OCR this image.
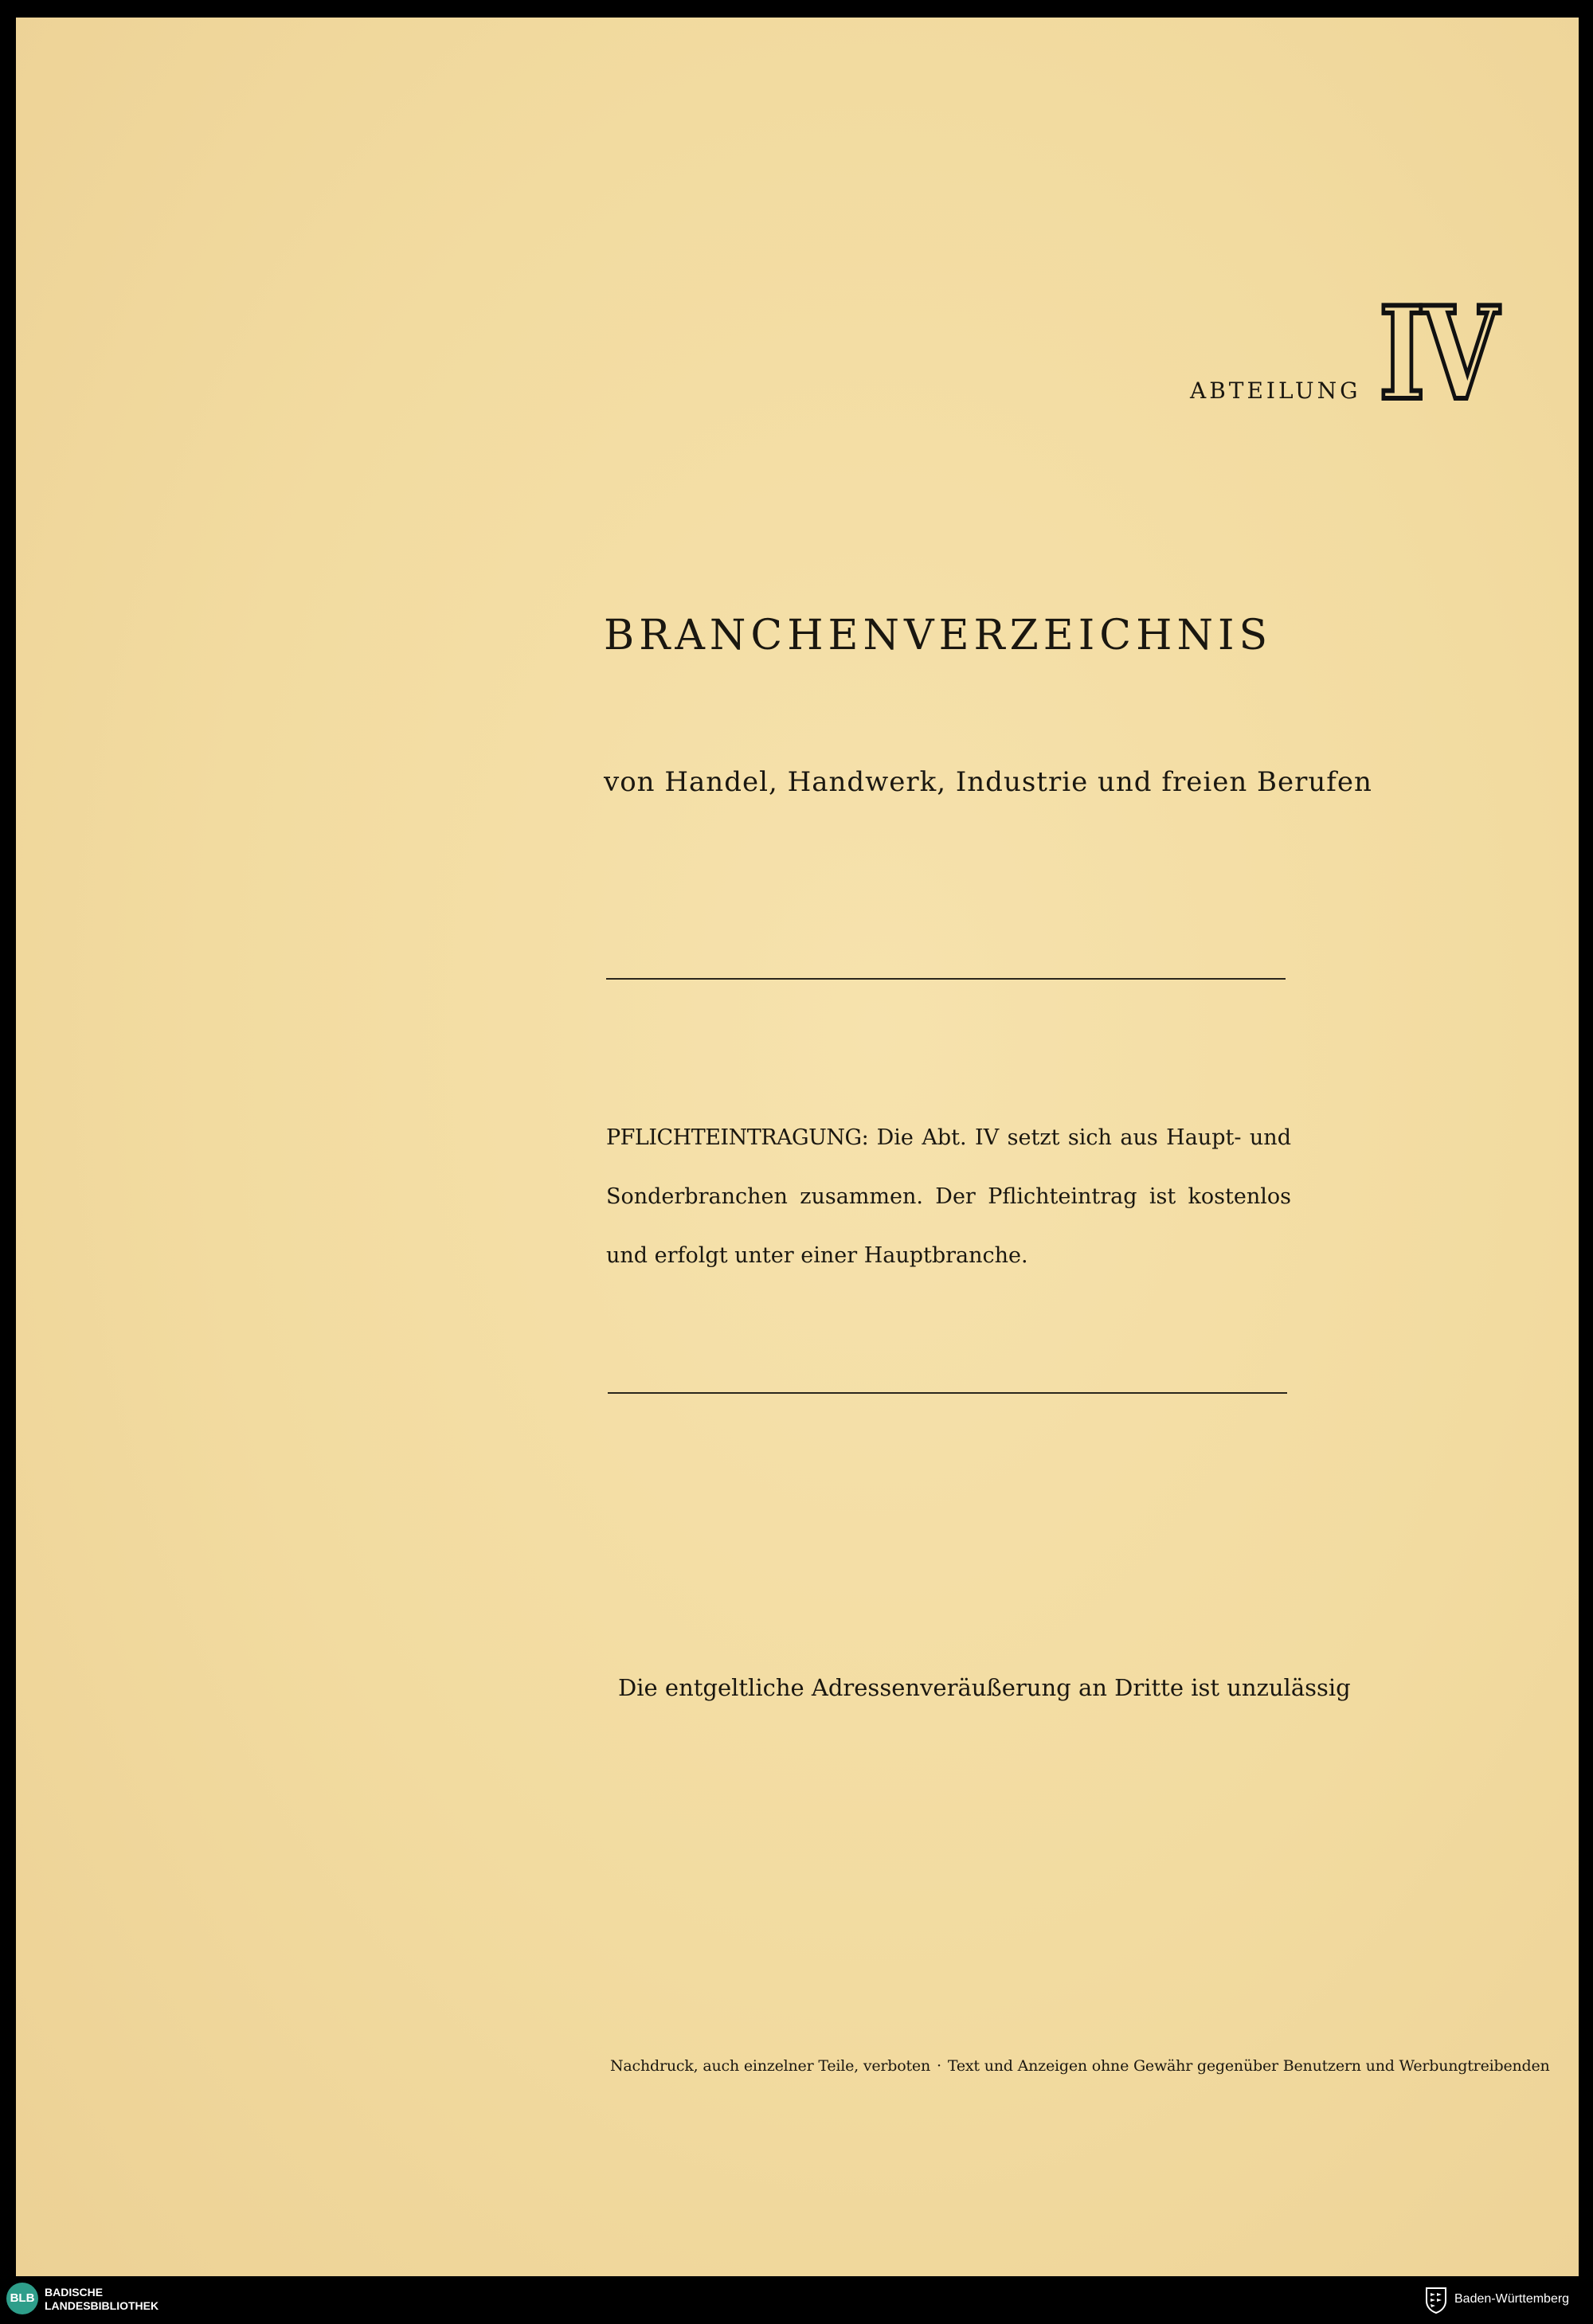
ABTEILUNG IV
BRANCHENVERZEICHNIS
von Handel, Handwerk, Industrie und freien Berufen
PFLICHTEINTRAGUNG: Die Abt. IV setzt sich aus Haupt- und Sonderbranchen zusammen. Der Pflichteintrag ist kostenlos und erfolgt unter einer Hauptbranche.
Die entgeltliche Adressenveräußerung an Dritte ist unzulässig
Nachdruck, auch einzelner Teile, verboten · Text und Anzeigen ohne Gewähr gegenüber Benutzern und Werbungtreibenden
BLB BADISCHE
LANDESBIBLIOTHEK	Baden-Württemberg
